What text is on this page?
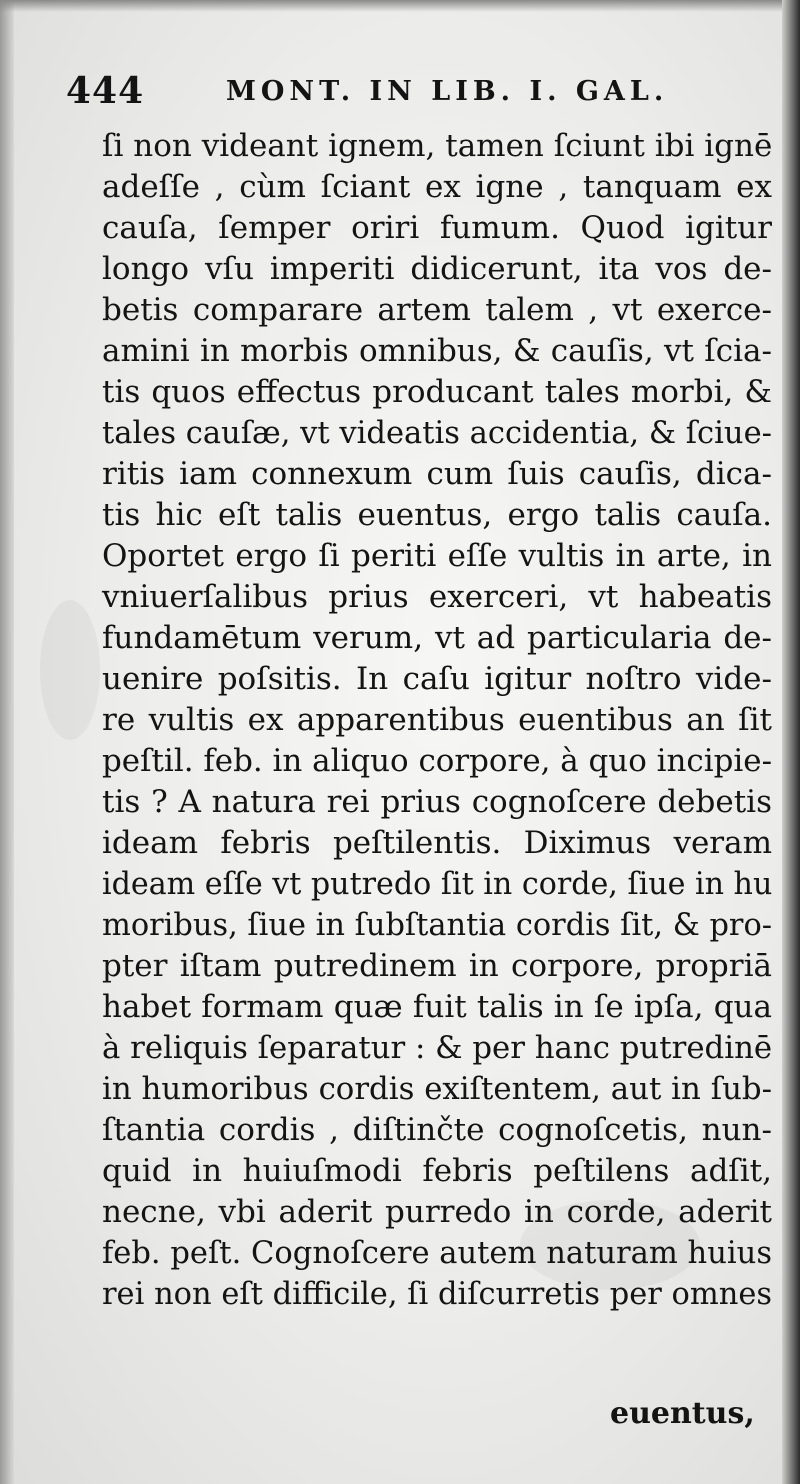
444	MONT. IN LIB. I. GAL.
ſi non videant ignem, tamen ſciunt ibi ignē
adeſſe , cùm ſciant ex igne , tanquam ex
cauſa, ſemper oriri fumum. Quod igitur
longo vſu imperiti didicerunt, ita vos de-
betis comparare artem talem , vt exerce-
amini in morbis omnibus, & cauſis, vt ſcia-
tis quos effectus producant tales morbi, &
tales cauſæ, vt videatis accidentia, & ſciue-
ritis iam connexum cum ſuis cauſis, dica-
tis hic eſt talis euentus, ergo talis cauſa.
Oportet ergo ſi periti eſſe vultis in arte, in
vniuerſalibus prius exerceri, vt habeatis
fundamētum verum, vt ad particularia de-
uenire poſsitis. In caſu igitur noſtro vide-
re vultis ex apparentibus euentibus an ſit
peſtil. feb. in aliquo corpore, à quo incipie-
tis ? A natura rei prius cognoſcere debetis
ideam febris peſtilentis. Diximus veram
ideam eſſe vt putredo ſit in corde, ſiue in hu
moribus, ſiue in ſubſtantia cordis ſit, & pro-
pter iſtam putredinem in corpore, propriā
habet formam quæ fuit talis in ſe ipſa, qua
à reliquis ſeparatur : & per hanc putredinē
in humoribus cordis exiſtentem, aut in ſub-
ſtantia cordis , diſtinčte cognoſcetis, nun-
quid in huiuſmodi febris peſtilens adſit,
necne, vbi aderit purredo in corde, aderit
feb. peſt. Cognoſcere autem naturam huius
rei non eſt difficile, ſi diſcurretis per omnes
euentus,
